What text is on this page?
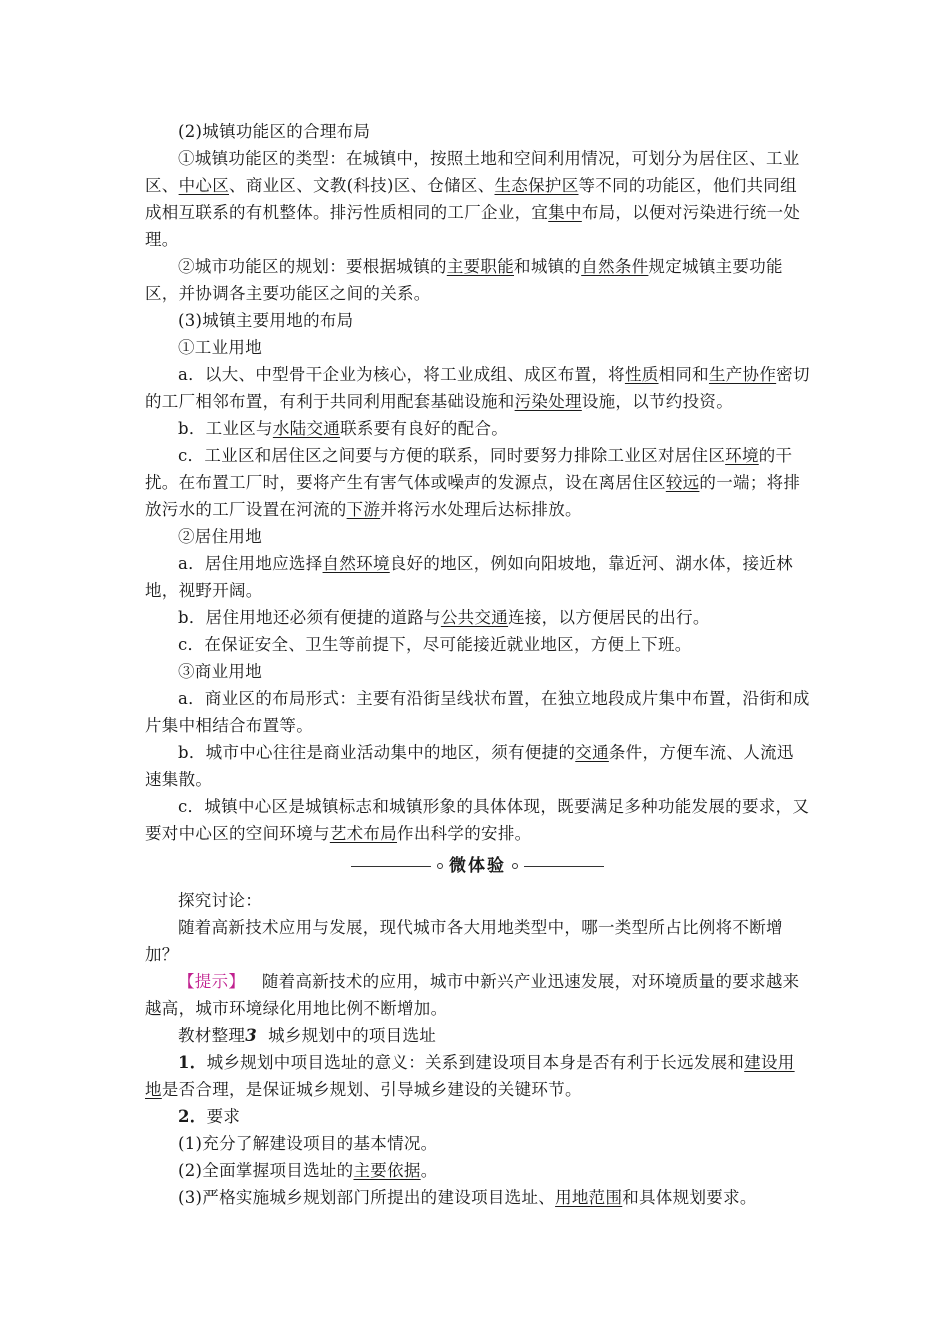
(2)城镇功能区的合理布局

①城镇功能区的类型：在城镇中，按照土地和空间利用情况，可划分为居住区、工业区、中心区、商业区、文教(科技)区、仓储区、生态保护区等不同的功能区，他们共同组成相互联系的有机整体。排污性质相同的工厂企业，宜集中布局，以便对污染进行统一处理。

②城市功能区的规划：要根据城镇的主要职能和城镇的自然条件规定城镇主要功能区，并协调各主要功能区之间的关系。

(3)城镇主要用地的布局

①工业用地

a．以大、中型骨干企业为核心，将工业成组、成区布置，将性质相同和生产协作密切的工厂相邻布置，有利于共同利用配套基础设施和污染处理设施，以节约投资。

b．工业区与水陆交通联系要有良好的配合。

c．工业区和居住区之间要与方便的联系，同时要努力排除工业区对居住区环境的干扰。在布置工厂时，要将产生有害气体或噪声的发源点，设在离居住区较远的一端；将排放污水的工厂设置在河流的下游并将污水处理后达标排放。

②居住用地

a．居住用地应选择自然环境良好的地区，例如向阳坡地，靠近河、湖水体，接近林地，视野开阔。

b．居住用地还必须有便捷的道路与公共交通连接，以方便居民的出行。

c．在保证安全、卫生等前提下，尽可能接近就业地区，方便上下班。

③商业用地

a．商业区的布局形式：主要有沿街呈线状布置，在独立地段成片集中布置，沿街和成片集中相结合布置等。

b．城市中心往往是商业活动集中的地区，须有便捷的交通条件，方便车流、人流迅速集散。

c．城镇中心区是城镇标志和城镇形象的具体体现，既要满足多种功能发展的要求，又要对中心区的空间环境与艺术布局作出科学的安排。

微体验

探究讨论：

随着高新技术应用与发展，现代城市各大用地类型中，哪一类型所占比例将不断增加？

【提示】 随着高新技术的应用，城市中新兴产业迅速发展，对环境质量的要求越来越高，城市环境绿化用地比例不断增加。

教材整理3 城乡规划中的项目选址

1．城乡规划中项目选址的意义：关系到建设项目本身是否有利于长远发展和建设用地是否合理，是保证城乡规划、引导城乡建设的关键环节。

2．要求

(1)充分了解建设项目的基本情况。

(2)全面掌握项目选址的主要依据。

(3)严格实施城乡规划部门所提出的建设项目选址、用地范围和具体规划要求。
